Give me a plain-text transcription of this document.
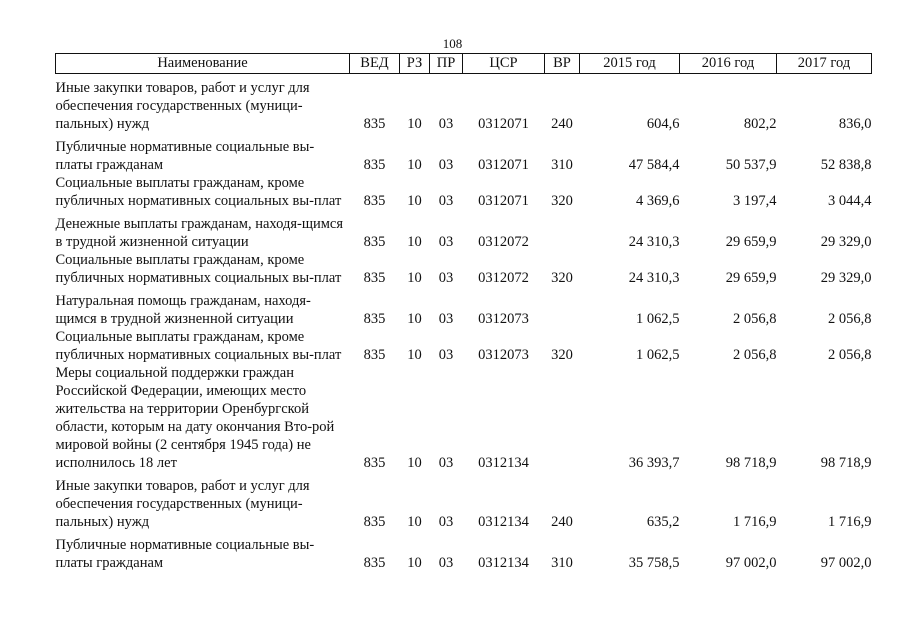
108
Наименование	ВЕД	РЗ	ПР	ЦСР	ВР	2015 год	2016 год	2017 год
Иные закупки товаров, работ и услуг для обеспечения государственных (муници-пальных) нужд	835	10	03	0312071	240	604,6	802,2	836,0
Публичные нормативные социальные вы-платы гражданам	835	10	03	0312071	310	47 584,4	50 537,9	52 838,8
Социальные выплаты гражданам, кроме публичных нормативных социальных вы-плат	835	10	03	0312071	320	4 369,6	3 197,4	3 044,4
Денежные выплаты гражданам, находя-щимся в трудной жизненной ситуации	835	10	03	0312072		24 310,3	29 659,9	29 329,0
Социальные выплаты гражданам, кроме публичных нормативных социальных вы-плат	835	10	03	0312072	320	24 310,3	29 659,9	29 329,0
Натуральная помощь гражданам, находя-щимся в трудной жизненной ситуации	835	10	03	0312073		1 062,5	2 056,8	2 056,8
Социальные выплаты гражданам, кроме публичных нормативных социальных вы-плат	835	10	03	0312073	320	1 062,5	2 056,8	2 056,8
Меры социальной поддержки граждан Российской Федерации, имеющих место жительства на территории Оренбургской области, которым на дату окончания Вто-рой мировой войны (2 сентября 1945 года) не исполнилось 18 лет	835	10	03	0312134		36 393,7	98 718,9	98 718,9
Иные закупки товаров, работ и услуг для обеспечения государственных (муници-пальных) нужд	835	10	03	0312134	240	635,2	1 716,9	1 716,9
Публичные нормативные социальные вы-платы гражданам	835	10	03	0312134	310	35 758,5	97 002,0	97 002,0
